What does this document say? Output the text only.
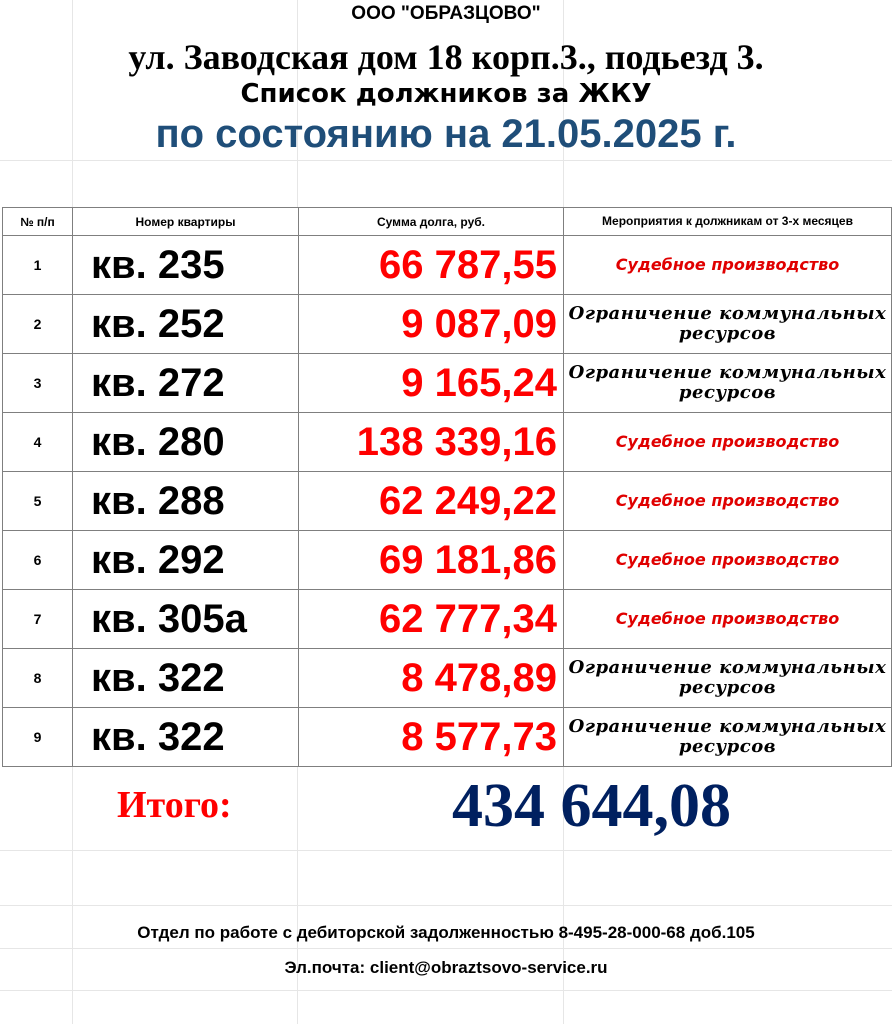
ООО "ОБРАЗЦОВО"
ул. Заводская дом 18 корп.3., подьезд 3.
Список должников за ЖКУ
по состоянию на 21.05.2025 г.
№ п/п	Номер квартиры	Сумма долга, руб.	Мероприятия к должникам от 3-х месяцев
1	кв. 235	66 787,55	Судебное производство
2	кв. 252	9 087,09	Ограничение коммунальных ресурсов
3	кв. 272	9 165,24	Ограничение коммунальных ресурсов
4	кв. 280	138 339,16	Судебное производство
5	кв. 288	62 249,22	Судебное производство
6	кв. 292	69 181,86	Судебное производство
7	кв. 305а	62 777,34	Судебное производство
8	кв. 322	8 478,89	Ограничение коммунальных ресурсов
9	кв. 322	8 577,73	Ограничение коммунальных ресурсов
Итого:	434 644,08
Отдел по работе с дебиторской задолженностью 8-495-28-000-68 доб.105
Эл.почта: client@obraztsovo-service.ru
